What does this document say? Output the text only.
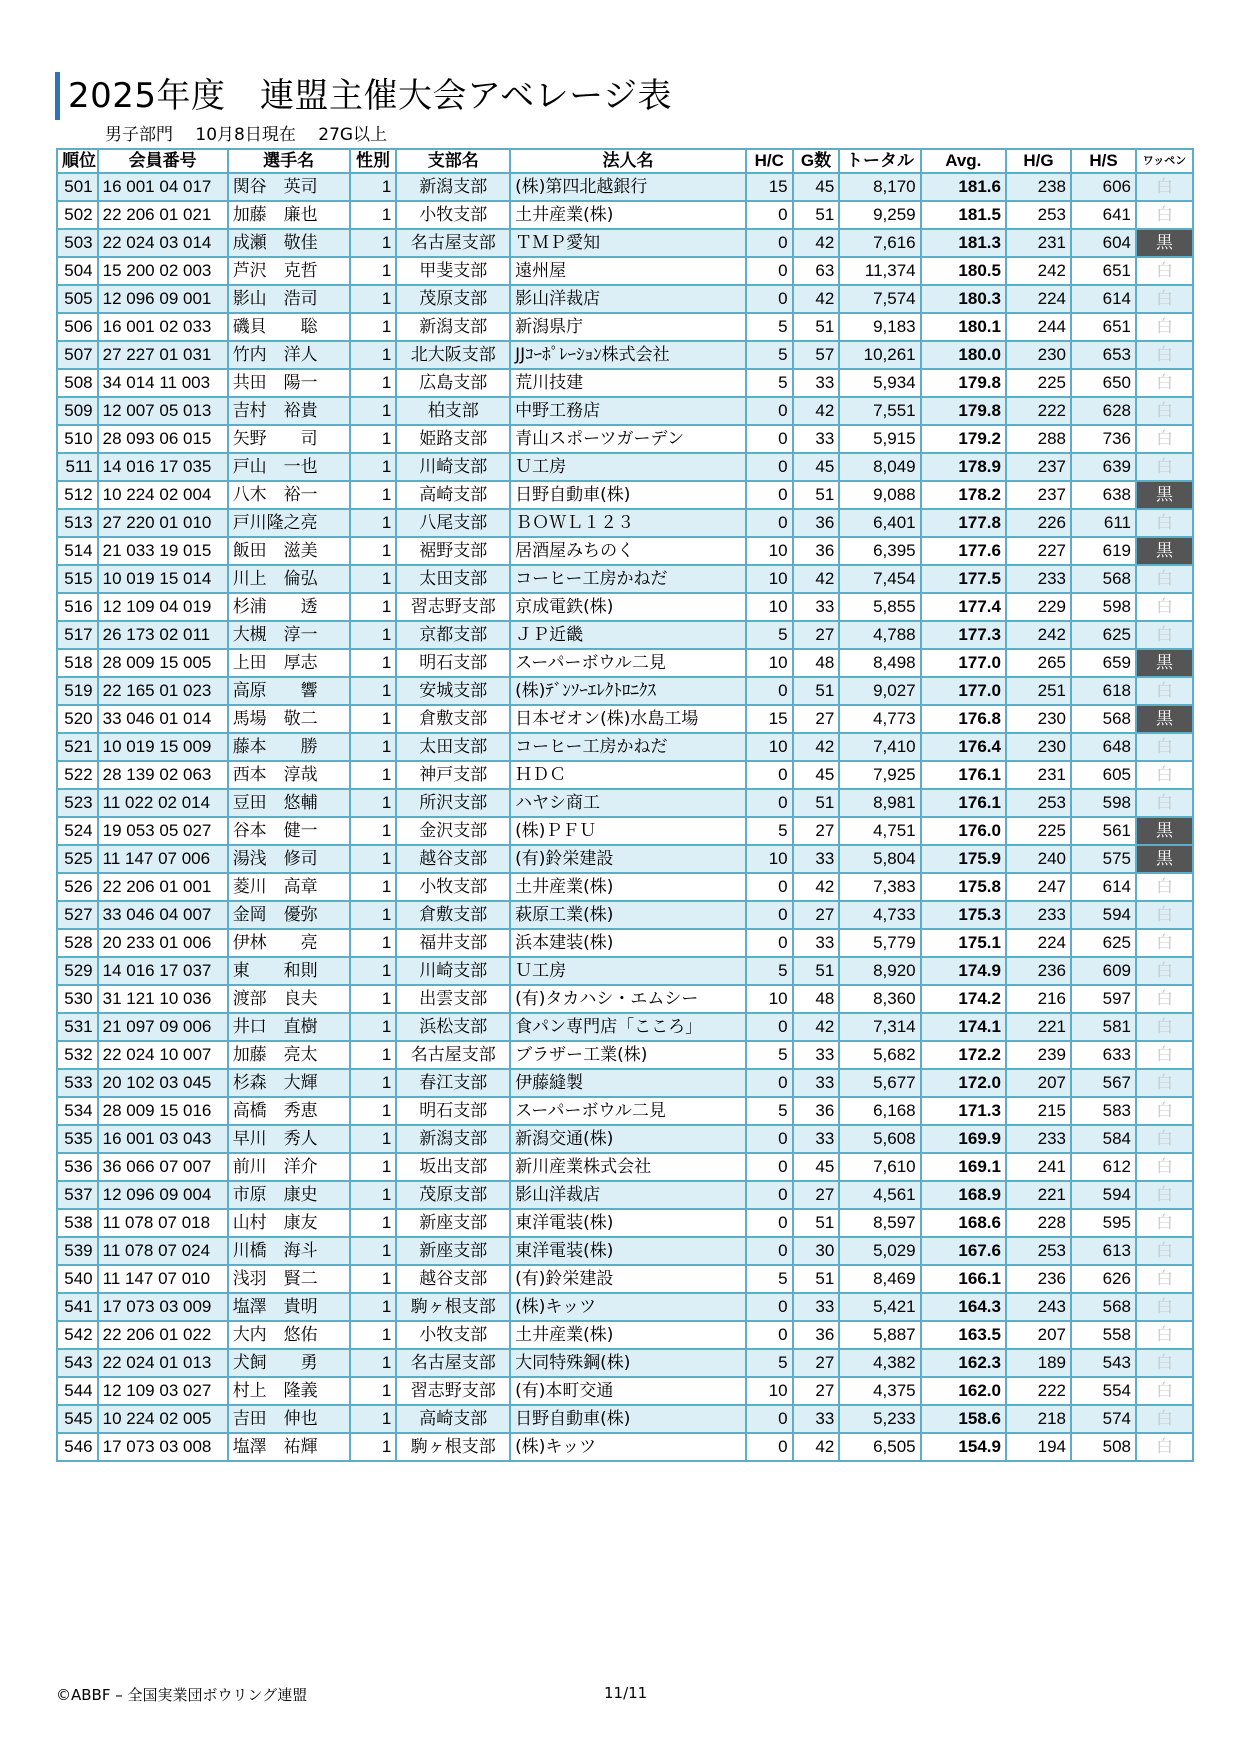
2025年度　連盟主催大会アベレージ表
男子部門　 10月8日現在　 27G以上
順位	会員番号	選手名	性別	支部名	法人名	H/C	G数	トータル	Avg.	H/G	H/S	ワッペン
501	16 001 04 017	関谷　英司	1	新潟支部	(株)第四北越銀行	15	45	8,170	181.6	238	606	白
502	22 206 01 021	加藤　廉也	1	小牧支部	土井産業(株)	0	51	9,259	181.5	253	641	白
503	22 024 03 014	成瀬　敬佳	1	名古屋支部	ＴＭＰ愛知	0	42	7,616	181.3	231	604	黒
504	15 200 02 003	芦沢　克哲	1	甲斐支部	遠州屋	0	63	11,374	180.5	242	651	白
505	12 096 09 001	影山　浩司	1	茂原支部	影山洋裁店	0	42	7,574	180.3	224	614	白
506	16 001 02 033	磯貝　　聡	1	新潟支部	新潟県庁	5	51	9,183	180.1	244	651	白
507	27 227 01 031	竹内　洋人	1	北大阪支部	JJｺｰﾎﾟﾚｰｼｮﾝ株式会社	5	57	10,261	180.0	230	653	白
508	34 014 11 003	共田　陽一	1	広島支部	荒川技建	5	33	5,934	179.8	225	650	白
509	12 007 05 013	吉村　裕貴	1	柏支部	中野工務店	0	42	7,551	179.8	222	628	白
510	28 093 06 015	矢野　　司	1	姫路支部	青山スポーツガーデン	0	33	5,915	179.2	288	736	白
511	14 016 17 035	戸山　一也	1	川崎支部	Ｕ工房	0	45	8,049	178.9	237	639	白
512	10 224 02 004	八木　裕一	1	高崎支部	日野自動車(株)	0	51	9,088	178.2	237	638	黒
513	27 220 01 010	戸川隆之亮	1	八尾支部	ＢＯＷＬ１２３	0	36	6,401	177.8	226	611	白
514	21 033 19 015	飯田　滋美	1	裾野支部	居酒屋みちのく	10	36	6,395	177.6	227	619	黒
515	10 019 15 014	川上　倫弘	1	太田支部	コーヒー工房かねだ	10	42	7,454	177.5	233	568	白
516	12 109 04 019	杉浦　　透	1	習志野支部	京成電鉄(株)	10	33	5,855	177.4	229	598	白
517	26 173 02 011	大槻　淳一	1	京都支部	ＪＰ近畿	5	27	4,788	177.3	242	625	白
518	28 009 15 005	上田　厚志	1	明石支部	スーパーボウル二見	10	48	8,498	177.0	265	659	黒
519	22 165 01 023	高原　　響	1	安城支部	(株)ﾃﾞﾝｿｰｴﾚｸﾄﾛﾆｸｽ	0	51	9,027	177.0	251	618	白
520	33 046 01 014	馬場　敬二	1	倉敷支部	日本ゼオン(株)水島工場	15	27	4,773	176.8	230	568	黒
521	10 019 15 009	藤本　　勝	1	太田支部	コーヒー工房かねだ	10	42	7,410	176.4	230	648	白
522	28 139 02 063	西本　淳哉	1	神戸支部	ＨＤＣ	0	45	7,925	176.1	231	605	白
523	11 022 02 014	豆田　悠輔	1	所沢支部	ハヤシ商工	0	51	8,981	176.1	253	598	白
524	19 053 05 027	谷本　健一	1	金沢支部	(株)ＰＦＵ	5	27	4,751	176.0	225	561	黒
525	11 147 07 006	湯浅　修司	1	越谷支部	(有)鈴栄建設	10	33	5,804	175.9	240	575	黒
526	22 206 01 001	菱川　高章	1	小牧支部	土井産業(株)	0	42	7,383	175.8	247	614	白
527	33 046 04 007	金岡　優弥	1	倉敷支部	萩原工業(株)	0	27	4,733	175.3	233	594	白
528	20 233 01 006	伊林　　亮	1	福井支部	浜本建装(株)	0	33	5,779	175.1	224	625	白
529	14 016 17 037	東　　和則	1	川崎支部	Ｕ工房	5	51	8,920	174.9	236	609	白
530	31 121 10 036	渡部　良夫	1	出雲支部	(有)タカハシ・エムシー	10	48	8,360	174.2	216	597	白
531	21 097 09 006	井口　直樹	1	浜松支部	食パン専門店「こころ」	0	42	7,314	174.1	221	581	白
532	22 024 10 007	加藤　亮太	1	名古屋支部	ブラザー工業(株)	5	33	5,682	172.2	239	633	白
533	20 102 03 045	杉森　大輝	1	春江支部	伊藤縫製	0	33	5,677	172.0	207	567	白
534	28 009 15 016	高橋　秀恵	1	明石支部	スーパーボウル二見	5	36	6,168	171.3	215	583	白
535	16 001 03 043	早川　秀人	1	新潟支部	新潟交通(株)	0	33	5,608	169.9	233	584	白
536	36 066 07 007	前川　洋介	1	坂出支部	新川産業株式会社	0	45	7,610	169.1	241	612	白
537	12 096 09 004	市原　康史	1	茂原支部	影山洋裁店	0	27	4,561	168.9	221	594	白
538	11 078 07 018	山村　康友	1	新座支部	東洋電装(株)	0	51	8,597	168.6	228	595	白
539	11 078 07 024	川橋　海斗	1	新座支部	東洋電装(株)	0	30	5,029	167.6	253	613	白
540	11 147 07 010	浅羽　賢二	1	越谷支部	(有)鈴栄建設	5	51	8,469	166.1	236	626	白
541	17 073 03 009	塩澤　貴明	1	駒ヶ根支部	(株)キッツ	0	33	5,421	164.3	243	568	白
542	22 206 01 022	大内　悠佑	1	小牧支部	土井産業(株)	0	36	5,887	163.5	207	558	白
543	22 024 01 013	犬飼　　勇	1	名古屋支部	大同特殊鋼(株)	5	27	4,382	162.3	189	543	白
544	12 109 03 027	村上　隆義	1	習志野支部	(有)本町交通	10	27	4,375	162.0	222	554	白
545	10 224 02 005	吉田　伸也	1	高崎支部	日野自動車(株)	0	33	5,233	158.6	218	574	白
546	17 073 03 008	塩澤　祐輝	1	駒ヶ根支部	(株)キッツ	0	42	6,505	154.9	194	508	白
©ABBF – 全国実業団ボウリング連盟	11/11
